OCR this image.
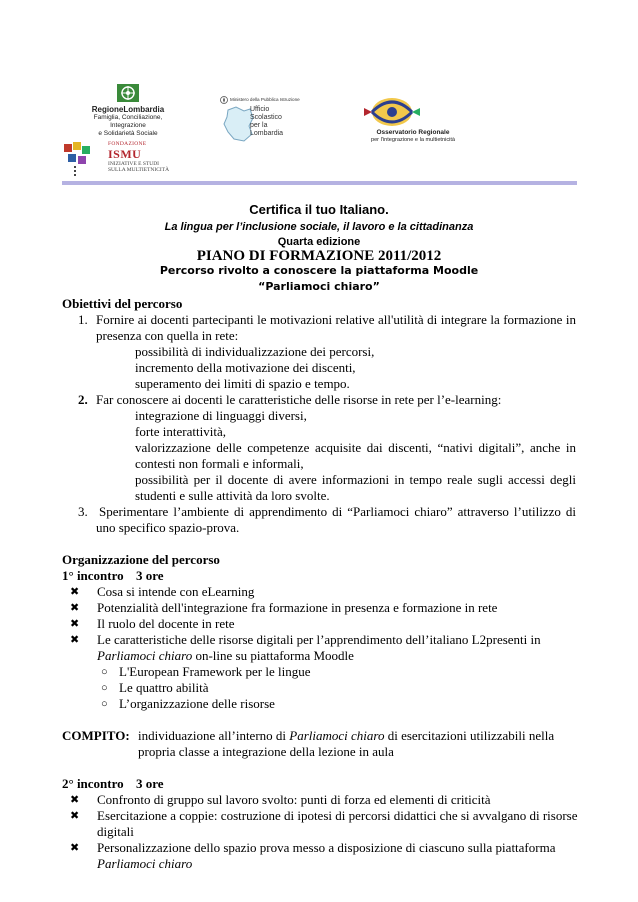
RegioneLombardia
Famiglia, Conciliazione,
Integrazione
e Solidarietà Sociale
FONDAZIONE
ISMU
INIZIATIVE E STUDI
SULLA MULTIETNICITÀ
Ministero della Pubblica Istruzione
Ufficio
Scolastico
per la
Lombardia	Osservatorio Regionale
per l'integrazione e la multietnicità
Certifica il tuo Italiano.
La lingua per l’inclusione sociale, il lavoro e la cittadinanza
Quarta edizione
PIANO DI FORMAZIONE 2011/2012
Percorso rivolto a conoscere la piattaforma Moodle
“Parliamoci chiaro”
Obiettivi del percorso
1. Fornire ai docenti partecipanti le motivazioni relative all'utilità di integrare la formazione in
presenza con quella in rete:
possibilità di individualizzazione dei percorsi,
incremento della motivazione dei discenti,
superamento dei limiti di spazio e tempo.
2. Far conoscere ai docenti le caratteristiche delle risorse in rete per l’e-learning:
integrazione di linguaggi diversi,
forte interattività,
valorizzazione delle competenze acquisite dai discenti, “nativi digitali”, anche in
contesti non formali e informali,
possibilità per il docente di avere informazioni in tempo reale sugli accessi degli
studenti e sulle attività da loro svolte.
3. Sperimentare l’ambiente di apprendimento di “Parliamoci chiaro” attraverso l’utilizzo di
uno specifico spazio-prova.
Organizzazione del percorso
1° incontro 3 ore
✖ Cosa si intende con eLearning
✖ Potenzialità dell'integrazione fra formazione in presenza e formazione in rete
✖ Il ruolo del docente in rete
✖ Le caratteristiche delle risorse digitali per l’apprendimento dell’italiano L2presenti in
Parliamoci chiaro on-line su piattaforma Moodle
○ L'European Framework per le lingue
○ Le quattro abilità
○ L’organizzazione delle risorse
COMPITO: individuazione all’interno di Parliamoci chiaro di esercitazioni utilizzabili nella
propria classe a integrazione della lezione in aula
2° incontro 3 ore
✖ Confronto di gruppo sul lavoro svolto: punti di forza ed elementi di criticità
✖ Esercitazione a coppie: costruzione di ipotesi di percorsi didattici che si avvalgano di risorse
digitali
✖ Personalizzazione dello spazio prova messo a disposizione di ciascuno sulla piattaforma
Parliamoci chiaro
